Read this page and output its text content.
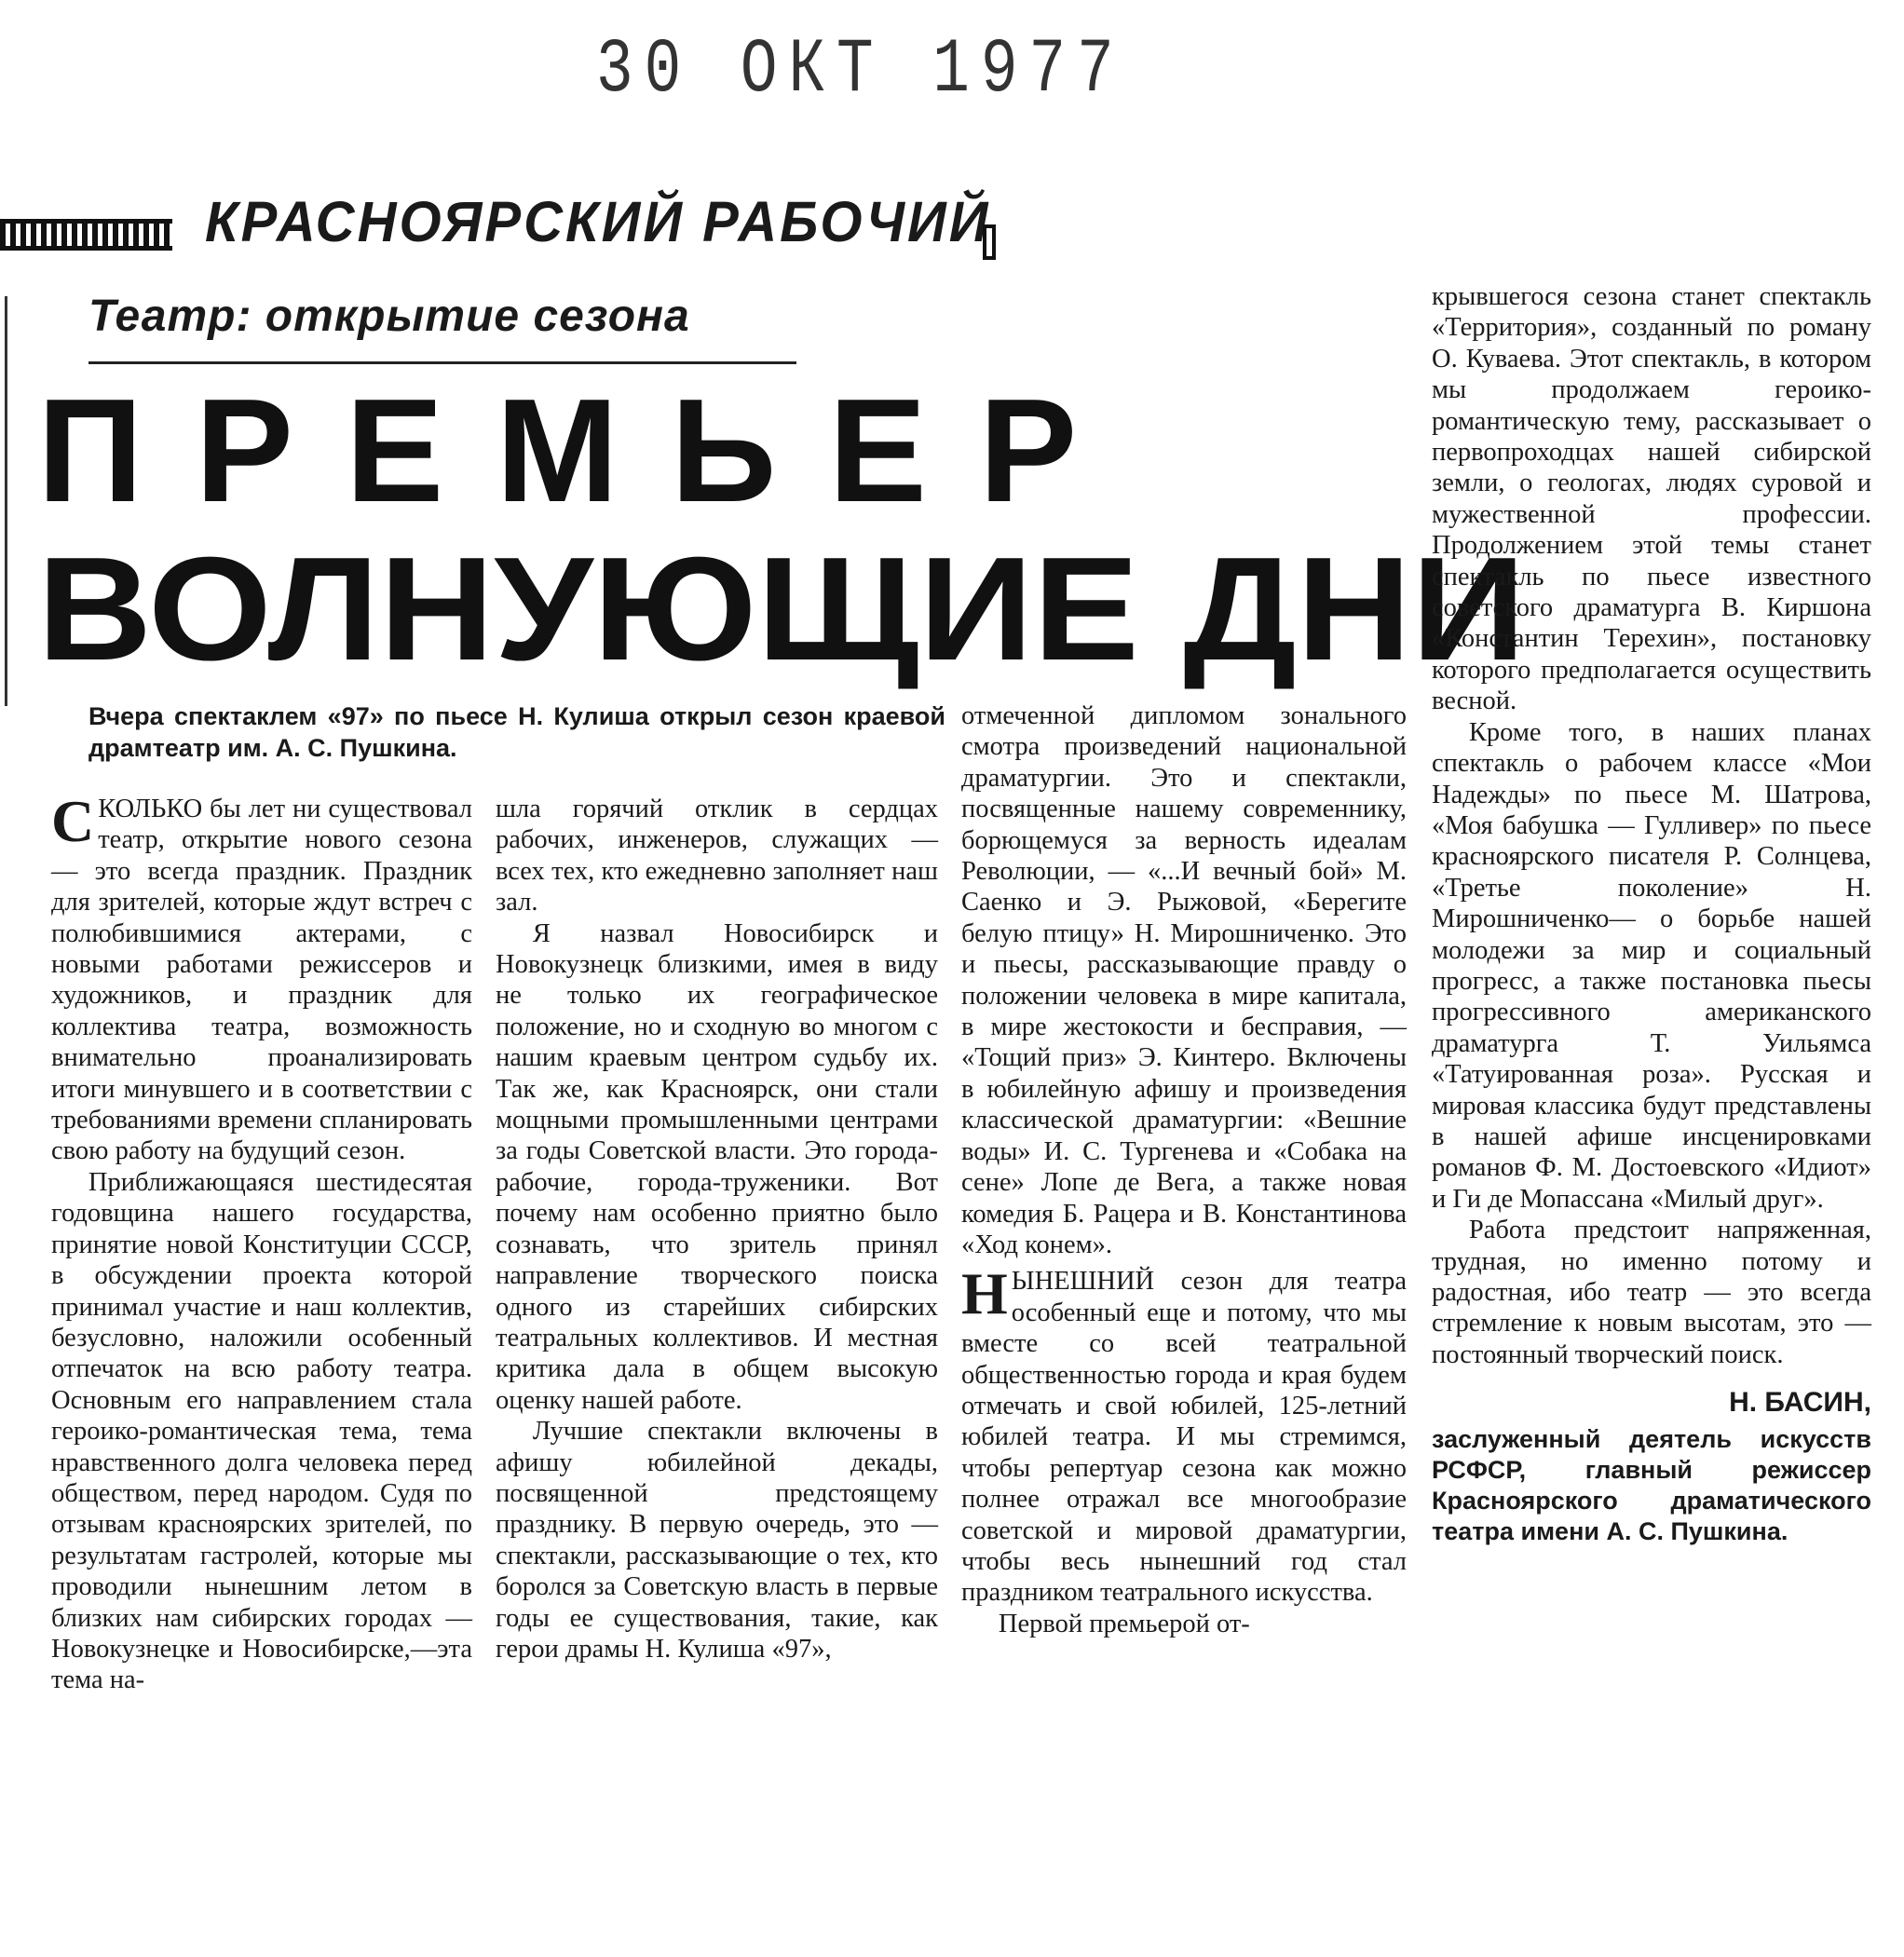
30 ОКТ 1977
КРАСНОЯРСКИЙ РАБОЧИЙ
Театр: открытие сезона
ПРЕМЬЕР
ВОЛНУЮЩИЕ ДНИ
Вчера спектаклем «97» по пьесе Н. Кулиша открыл сезон краевой драмтеатр им. А. С. Пушкина.

СКОЛЬКО бы лет ни существовал театр, открытие нового сезона — это всегда праздник. Праздник для зрителей, которые ждут встреч с полюбившимися актерами, с новыми работами режиссеров и художников, и праздник для коллектива театра, возможность внимательно проанализировать итоги минувшего и в соответствии с требованиями времени спланировать свою работу на будущий сезон.

Приближающаяся шестидесятая годовщина нашего государства, принятие новой Конституции СССР, в обсуждении проекта которой принимал участие и наш коллектив, безусловно, наложили особенный отпечаток на всю работу театра. Основным его направлением стала героико-романтическая тема, тема нравственного долга человека перед обществом, перед народом. Судя по отзывам красноярских зрителей, по результатам гастролей, которые мы проводили нынешним летом в близких нам сибирских городах — Новокузнецке и Новосибирске,—эта тема на-

шла горячий отклик в сердцах рабочих, инженеров, служащих — всех тех, кто ежедневно заполняет наш зал.

Я назвал Новосибирск и Новокузнецк близкими, имея в виду не только их географическое положение, но и сходную во многом с нашим краевым центром судьбу их. Так же, как Красноярск, они стали мощными промышленными центрами за годы Советской власти. Это города-рабочие, города-труженики. Вот почему нам особенно приятно было сознавать, что зритель принял направление творческого поиска одного из старейших сибирских театральных коллективов. И местная критика дала в общем высокую оценку нашей работе.

Лучшие спектакли включены в афишу юбилейной декады, посвященной предстоящему празднику. В первую очередь, это — спектакли, рассказывающие о тех, кто боролся за Советскую власть в первые годы ее существования, такие, как герои драмы Н. Кулиша «97»,

отмеченной дипломом зонального смотра произведений национальной драматургии. Это и спектакли, посвященные нашему современнику, борющемуся за верность идеалам Революции, — «...И вечный бой» М. Саенко и Э. Рыжовой, «Берегите белую птицу» Н. Мирошниченко. Это и пьесы, рассказывающие правду о положении человека в мире капитала, в мире жестокости и бесправия, — «Тощий приз» Э. Кинтеро. Включены в юбилейную афишу и произведения классической драматургии: «Вешние воды» И. С. Тургенева и «Собака на сене» Лопе де Вега, а также новая комедия Б. Рацера и В. Константинова «Ход конем».

НЫНЕШНИЙ сезон для театра особенный еще и потому, что мы вместе со всей театральной общественностью города и края будем отмечать и свой юбилей, 125-летний юбилей театра. И мы стремимся, чтобы репертуар сезона как можно полнее отражал все многообразие советской и мировой драматургии, чтобы весь нынешний год стал праздником театрального искусства.

Первой премьерой от-

крывшегося сезона станет спектакль «Территория», созданный по роману О. Куваева. Этот спектакль, в котором мы продолжаем героико-романтическую тему, рассказывает о первопроходцах нашей сибирской земли, о геологах, людях суровой и мужественной профессии. Продолжением этой темы станет спектакль по пьесе известного советского драматурга В. Киршона «Константин Терехин», постановку которого предполагается осуществить весной.

Кроме того, в наших планах спектакль о рабочем классе «Мои Надежды» по пьесе М. Шатрова, «Моя бабушка — Гулливер» по пьесе красноярского писателя Р. Солнцева, «Третье поколение» Н. Мирошниченко— о борьбе нашей молодежи за мир и социальный прогресс, а также постановка пьесы прогрессивного американского драматурга Т. Уильямса «Татуированная роза». Русская и мировая классика будут представлены в нашей афише инсценировками романов Ф. М. Достоевского «Идиот» и Ги де Мопассана «Милый друг».

Работа предстоит напряженная, трудная, но именно потому и радостная, ибо театр — это всегда стремление к новым высотам, это — постоянный творческий поиск.

Н. БАСИН,
заслуженный деятель искусств РСФСР, главный режиссер Красноярского драматического театра имени А. С. Пушкина.
